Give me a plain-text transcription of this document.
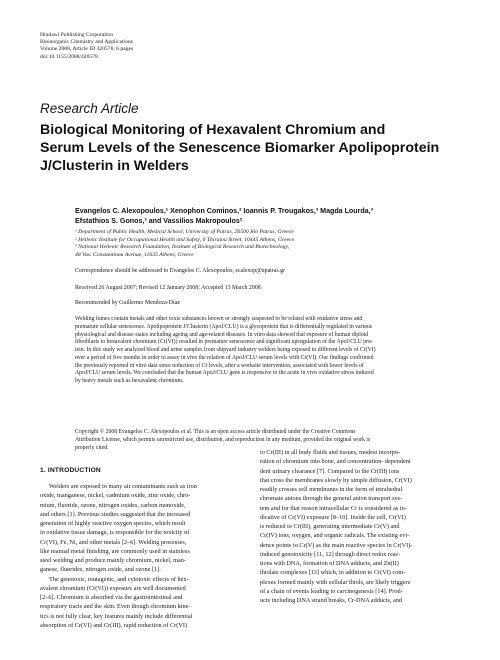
Hindawi Publishing Corporation
Bioinorganic Chemistry and Applications
Volume 2008, Article ID 420578, 6 pages
doi:10.1155/2008/420578
Research Article
Biological Monitoring of Hexavalent Chromium and
Serum Levels of the Senescence Biomarker Apolipoprotein
J/Clusterin in Welders
Evangelos C. Alexopoulos,¹ Xenophon Cominos,² Ioannis P. Trougakos,³ Magda Lourda,³
Efstathios S. Gonos,³ and Vassilios Makropoulos²
¹ Department of Public Health, Medical School, University of Patras, 26500 Rio Patras, Greece
² Hellenic Institute for Occupational Health and Safety, 6 Thiraiou Street, 10445 Athens, Greece
³ National Hellenic Research Foundation, Institute of Biological Research and Biotechnology,
48 Vas. Constantinou Avenue, 11635 Athens, Greece
Correspondence should be addressed to Evangelos C. Alexopoulos, ecalexop@upatras.gr
Received 26 August 2007; Revised 12 January 2008; Accepted 13 March 2008
Recommended by Guillermo Mendoza-Díaz
Welding fumes contain metals and other toxic substances known or strongly suspected to be related with oxidative stress and
premature cellular senescence. Apolipoprotein J/Clusterin (ApoJ/CLU) is a glycoprotein that is differentially regulated in various
physiological and disease states including ageing and age-related diseases. In vitro data showed that exposure of human diploid
fibroblasts to hexavalent chromium (Cr(VI)) resulted in premature senescence and significant upregulation of the ApoJ/CLU pro-
tein. In this study we analyzed blood and urine samples from shipyard industry welders being exposed to different levels of Cr(VI)
over a period of five months in order to assay in vivo the relation of ApoJ/CLU serum levels with Cr(VI). Our findings confirmed
the previously reported in vitro data since reduction of Cr levels, after a worksite intervention, associated with lower levels of
ApoJ/CLU serum levels. We concluded that the human ApoJ/CLU gene is responsive to the acute in vivo oxidative stress induced
by heavy metals such as hexavalent chromium.
Copyright © 2008 Evangelos C. Alexopoulos et al. This is an open access article distributed under the Creative Commons
Attribution License, which permits unrestricted use, distribution, and reproduction in any medium, provided the original work is
properly cited.
1. INTRODUCTION
Welders are exposed to many air contaminants such as iron
oxide, manganese, nickel, cadmium oxide, zinc oxide, chro-
mium, fluoride, ozone, nitrogen oxides, carbon monoxide,
and others [1]. Previous studies suggested that the increased
generation of highly reactive oxygen species, which result
in oxidative tissue damage, is responsible for the toxicity of
Cr(VI), Fe, Ni, and other metals [2–6]. Welding processes,
like manual metal finishing, are commonly used in stainless
steel welding and produce mainly chromium, nickel, man-
ganese, fluorides, nitrogen oxide, and ozone [1].
The genotoxic, mutagenic, and cytotoxic effects of hex-
avalent chromium (Cr(VI)) exposure are well documented
[2–6]. Chromium is absorbed via the gastrointestinal and
respiratory tracts and the skin. Even though chromium kine-
tics is not fully clear, key features mainly include differential
absorption of Cr(VI) and Cr(III), rapid reduction of Cr(VI)
to Cr(III) in all body fluids and tissues, modest incorpo-
ration of chromium into bone, and concentration- dependent
dent urinary clearance [7]. Compared to the Cr(III) ions
that cross the membranes slowly by simple diffusion, Cr(VI)
readily crosses cell membranes in the form of tetrahedral
chromate anions through the general anion transport sys-
tem and for that reason intracellular Cr is considered as in-
dicative of Cr(VI) exposure [8–10]. Inside the cell, Cr(VI)
is reduced to Cr(III), generating intermediate Cr(V) and
Cr(IV) ions, oxygen, and organic radicals. The existing evi-
dence points to Cr(V) as the main reactive species in Cr(VI)-
induced genotoxicity [11, 12] through direct redox reac-
tions with DNA, formation of DNA adducts, and Zn(II)
thiolate complexes [13] which, in addition to Cr(VI) com-
plexes formed mainly with cellular thiols, are likely triggers
of a chain of events leading to carcinogenesis [14]. Prod-
ucts including DNA strand breaks, Cr-DNA adducts, and
